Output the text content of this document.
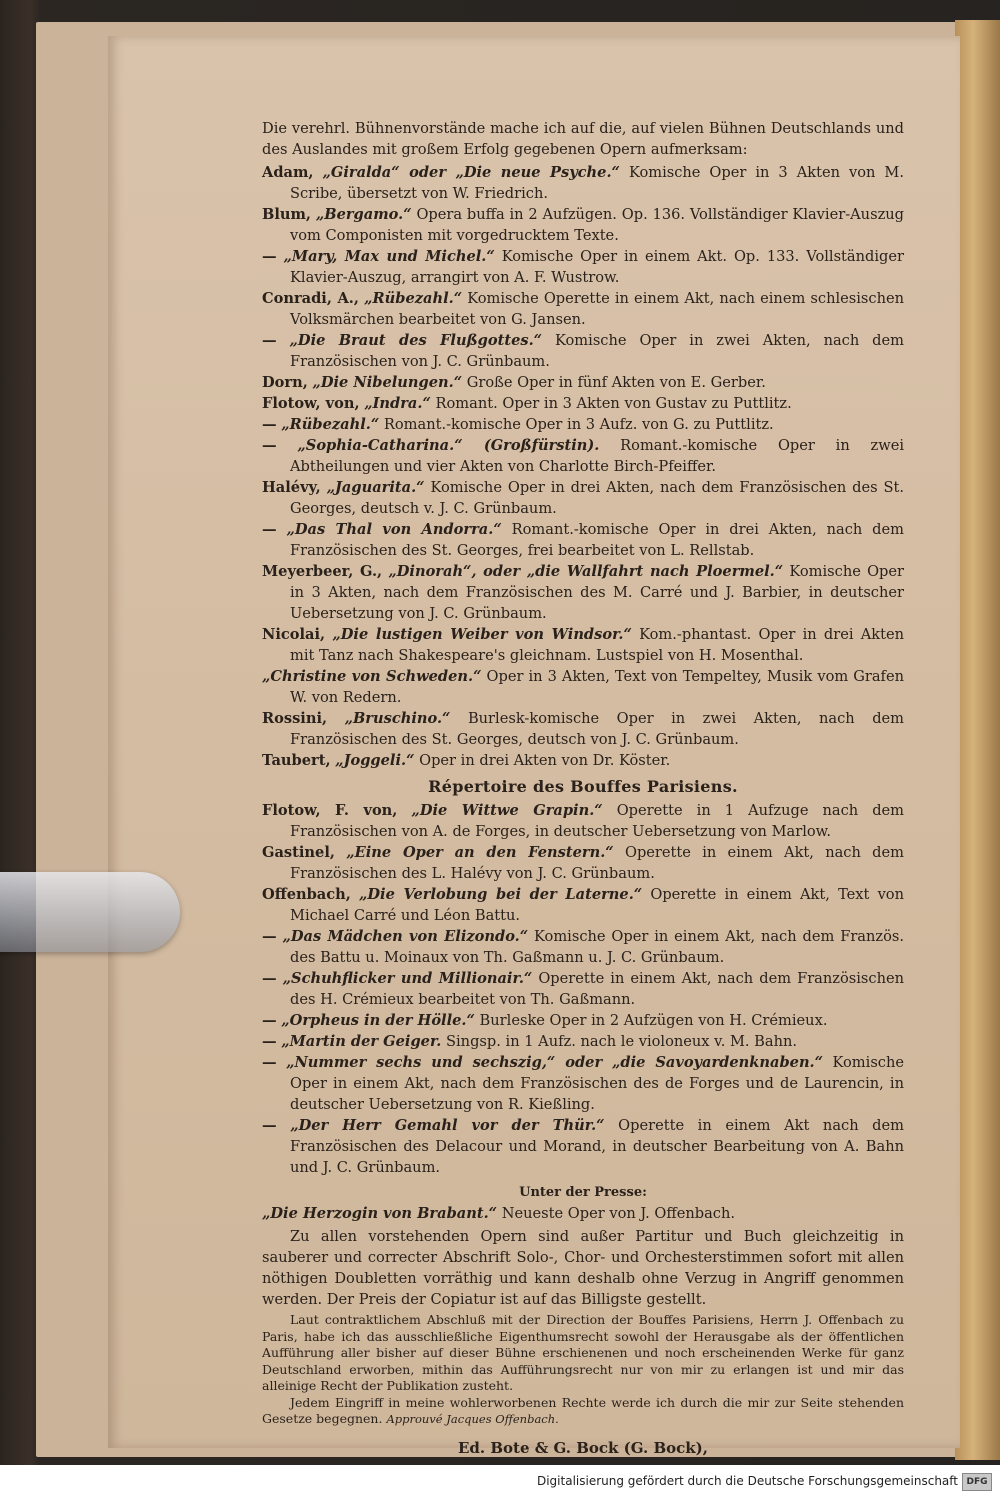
Die verehrl. Bühnenvorstände mache ich auf die, auf vielen Bühnen Deutschlands und des Auslandes mit großem Erfolg gegebenen Opern aufmerksam:

Adam, „Giralda“ oder „Die neue Psyche.“ Komische Oper in 3 Akten von M. Scribe, übersetzt von W. Friedrich.

Blum, „Bergamo.“ Opera buffa in 2 Aufzügen. Op. 136. Vollständiger Klavier-Auszug vom Componisten mit vorgedrucktem Texte.

— „Mary, Max und Michel.“ Komische Oper in einem Akt. Op. 133. Vollständiger Klavier-Auszug, arrangirt von A. F. Wustrow.

Conradi, A., „Rübezahl.“ Komische Operette in einem Akt, nach einem schlesischen Volksmärchen bearbeitet von G. Jansen.

— „Die Braut des Flußgottes.“ Komische Oper in zwei Akten, nach dem Französischen von J. C. Grünbaum.

Dorn, „Die Nibelungen.“ Große Oper in fünf Akten von E. Gerber.

Flotow, von, „Indra.“ Romant. Oper in 3 Akten von Gustav zu Puttlitz.

— „Rübezahl.“ Romant.-komische Oper in 3 Aufz. von G. zu Puttlitz.

— „Sophia-Catharina.“ (Großfürstin). Romant.-komische Oper in zwei Abtheilungen und vier Akten von Charlotte Birch-Pfeiffer.

Halévy, „Jaguarita.“ Komische Oper in drei Akten, nach dem Französischen des St. Georges, deutsch v. J. C. Grünbaum.

— „Das Thal von Andorra.“ Romant.-komische Oper in drei Akten, nach dem Französischen des St. Georges, frei bearbeitet von L. Rellstab.

Meyerbeer, G., „Dinorah“, oder „die Wallfahrt nach Ploermel.“ Komische Oper in 3 Akten, nach dem Französischen des M. Carré und J. Barbier, in deutscher Uebersetzung von J. C. Grünbaum.

Nicolai, „Die lustigen Weiber von Windsor.“ Kom.-phantast. Oper in drei Akten mit Tanz nach Shakespeare's gleichnam. Lustspiel von H. Mosenthal.

„Christine von Schweden.“ Oper in 3 Akten, Text von Tempeltey, Musik vom Grafen W. von Redern.

Rossini, „Bruschino.“ Burlesk-komische Oper in zwei Akten, nach dem Französischen des St. Georges, deutsch von J. C. Grünbaum.

Taubert, „Joggeli.“ Oper in drei Akten von Dr. Köster.

Répertoire des Bouffes Parisiens.

Flotow, F. von, „Die Wittwe Grapin.“ Operette in 1 Aufzuge nach dem Französischen von A. de Forges, in deutscher Uebersetzung von Marlow.

Gastinel, „Eine Oper an den Fenstern.“ Operette in einem Akt, nach dem Französischen des L. Halévy von J. C. Grünbaum.

Offenbach, „Die Verlobung bei der Laterne.“ Operette in einem Akt, Text von Michael Carré und Léon Battu.

— „Das Mädchen von Elizondo.“ Komische Oper in einem Akt, nach dem Französ. des Battu u. Moinaux von Th. Gaßmann u. J. C. Grünbaum.

— „Schuhflicker und Millionair.“ Operette in einem Akt, nach dem Französischen des H. Crémieux bearbeitet von Th. Gaßmann.

— „Orpheus in der Hölle.“ Burleske Oper in 2 Aufzügen von H. Crémieux.

— „Martin der Geiger. Singsp. in 1 Aufz. nach le violoneux v. M. Bahn.

— „Nummer sechs und sechszig,“ oder „die Savoyardenknaben.“ Komische Oper in einem Akt, nach dem Französischen des de Forges und de Laurencin, in deutscher Uebersetzung von R. Kießling.

— „Der Herr Gemahl vor der Thür.“ Operette in einem Akt nach dem Französischen des Delacour und Morand, in deutscher Bearbeitung von A. Bahn und J. C. Grünbaum.

Unter der Presse:

„Die Herzogin von Brabant.“ Neueste Oper von J. Offenbach.

Zu allen vorstehenden Opern sind außer Partitur und Buch gleichzeitig in sauberer und correcter Abschrift Solo-, Chor- und Orchesterstimmen sofort mit allen nöthigen Doubletten vorräthig und kann deshalb ohne Verzug in Angriff genommen werden. Der Preis der Copiatur ist auf das Billigste gestellt.

Laut contraktlichem Abschluß mit der Direction der Bouffes Parisiens, Herrn J. Offenbach zu Paris, habe ich das ausschließliche Eigenthumsrecht sowohl der Herausgabe als der öffentlichen Aufführung aller bisher auf dieser Bühne erschienenen und noch erscheinenden Werke für ganz Deutschland erworben, mithin das Aufführungsrecht nur von mir zu erlangen ist und mir das alleinige Recht der Publikation zusteht.

Jedem Eingriff in meine wohlerworbenen Rechte werde ich durch die mir zur Seite stehenden Gesetze begegnen. Approuvé Jacques Offenbach.

Ed. Bote & G. Bock (G. Bock),
Digitalisierung gefördert durch die Deutsche Forschungsgemeinschaft DFG
